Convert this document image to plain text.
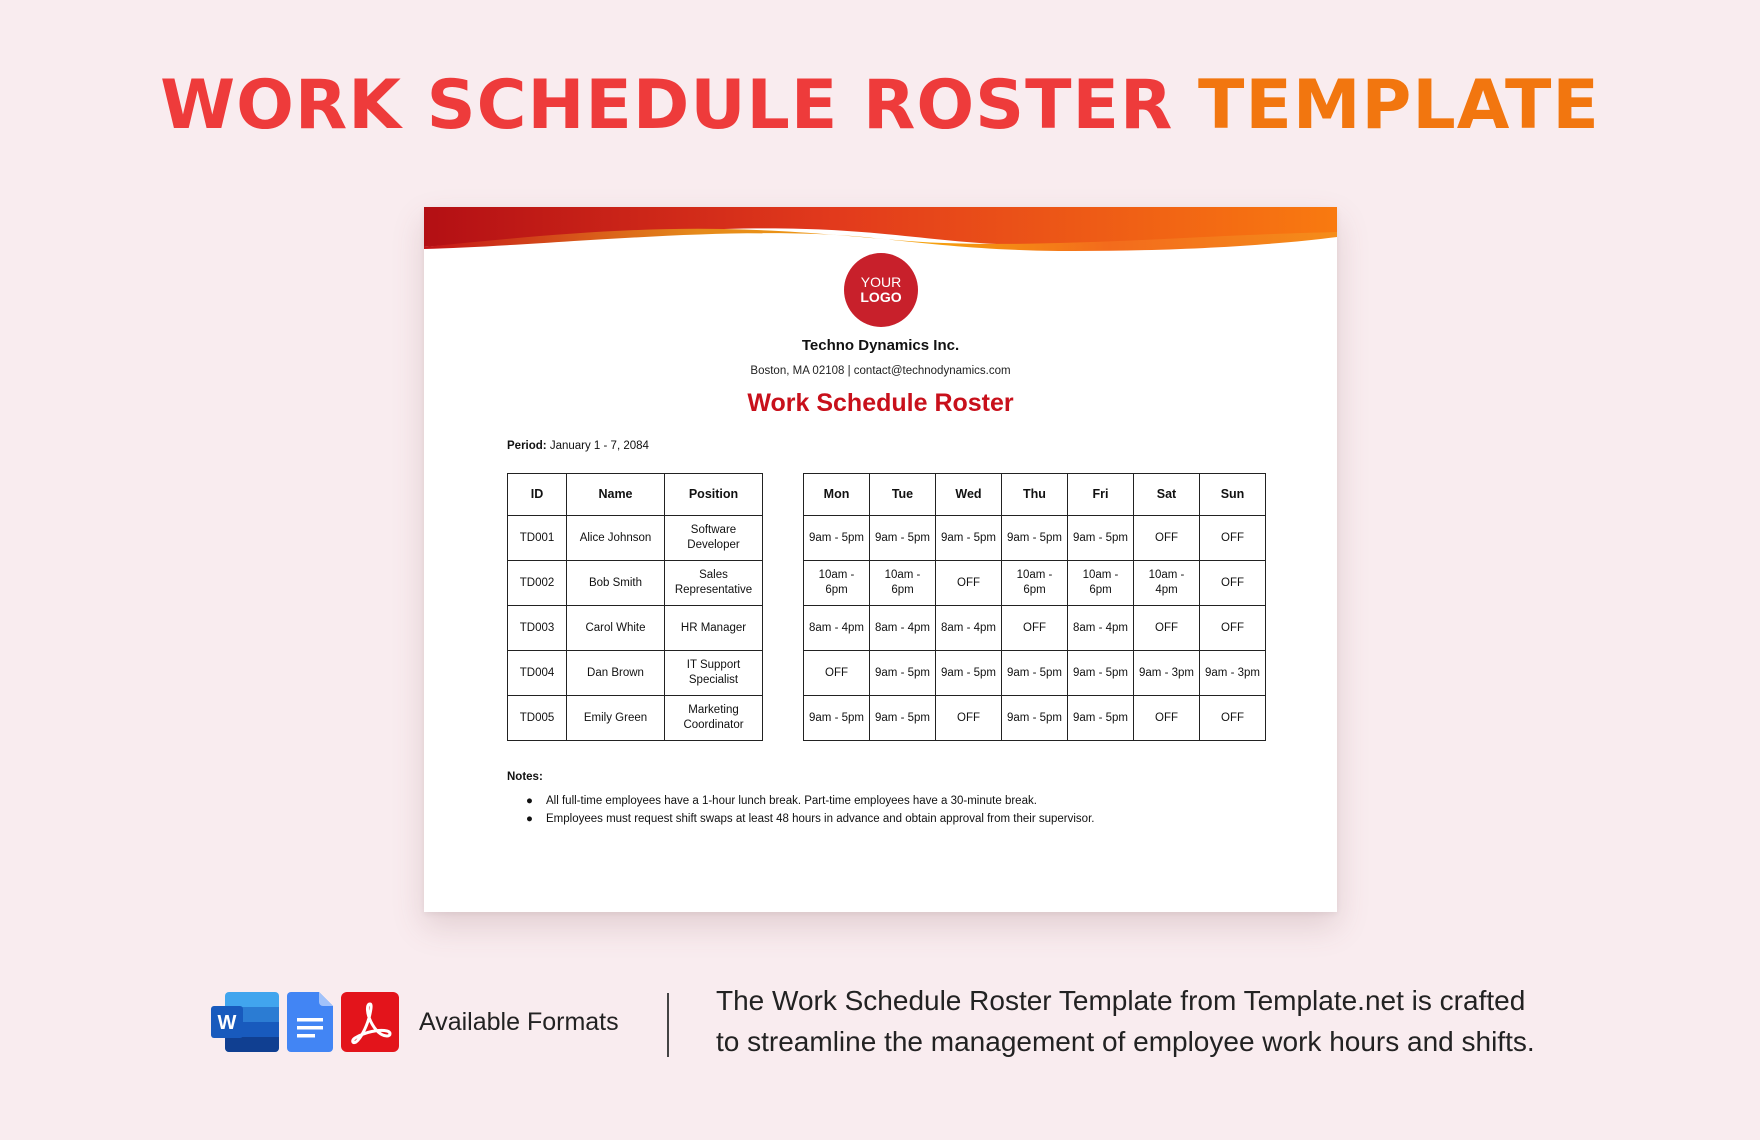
WORK SCHEDULE ROSTER TEMPLATE
YOUR
LOGO
Techno Dynamics Inc.
Boston, MA 02108 | contact@technodynamics.com
Work Schedule Roster
Period: January 1 - 7, 2084
ID	Name	Position
TD001	Alice Johnson	Software Developer
TD002	Bob Smith	Sales Representative
TD003	Carol White	HR Manager
TD004	Dan Brown	IT Support Specialist
TD005	Emily Green	Marketing Coordinator
Mon	Tue	Wed	Thu	Fri	Sat	Sun
9am - 5pm	9am - 5pm	9am - 5pm	9am - 5pm	9am - 5pm	OFF	OFF
10am - 6pm	10am - 6pm	OFF	10am - 6pm	10am - 6pm	10am - 4pm	OFF
8am - 4pm	8am - 4pm	8am - 4pm	OFF	8am - 4pm	OFF	OFF
OFF	9am - 5pm	9am - 5pm	9am - 5pm	9am - 5pm	9am - 3pm	9am - 3pm
9am - 5pm	9am - 5pm	OFF	9am - 5pm	9am - 5pm	OFF	OFF
Notes:
● All full-time employees have a 1-hour lunch break. Part-time employees have a 30-minute break.
● Employees must request shift swaps at least 48 hours in advance and obtain approval from their supervisor.
W	Available Formats
The Work Schedule Roster Template from Template.net is crafted
to streamline the management of employee work hours and shifts.
